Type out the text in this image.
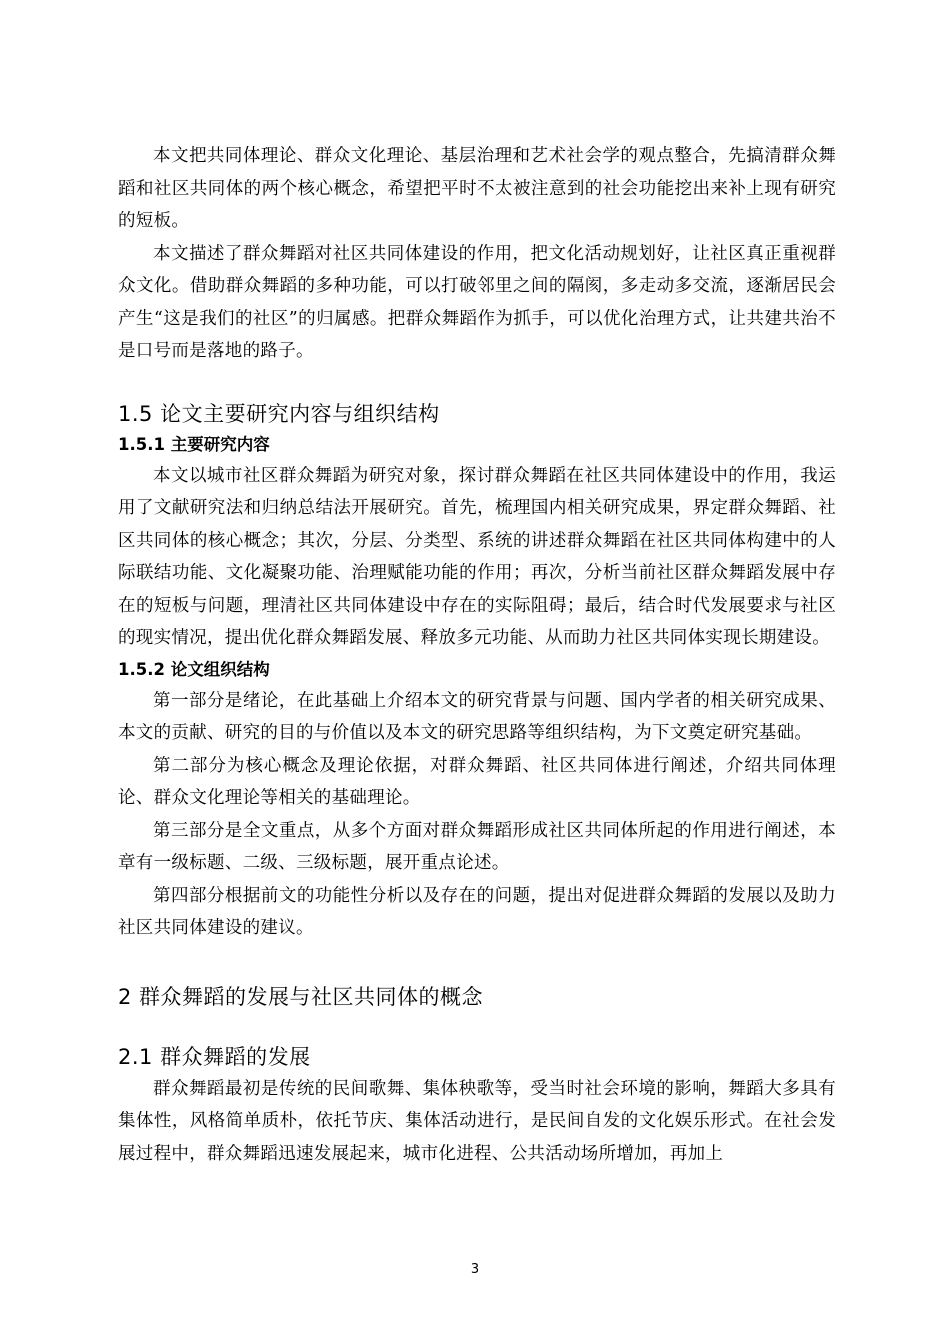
本文把共同体理论、群众文化理论、基层治理和艺术社会学的观点整合，先搞清群众舞蹈和社区共同体的两个核心概念，希望把平时不太被注意到的社会功能挖出来补上现有研究的短板。

本文描述了群众舞蹈对社区共同体建设的作用，把文化活动规划好，让社区真正重视群众文化。借助群众舞蹈的多种功能，可以打破邻里之间的隔阂，多走动多交流，逐渐居民会产生“这是我们的社区”的归属感。把群众舞蹈作为抓手，可以优化治理方式，让共建共治不是口号而是落地的路子。

1.5 论文主要研究内容与组织结构
1.5.1 主要研究内容

本文以城市社区群众舞蹈为研究对象，探讨群众舞蹈在社区共同体建设中的作用，我运用了文献研究法和归纳总结法开展研究。首先，梳理国内相关研究成果，界定群众舞蹈、社区共同体的核心概念；其次，分层、分类型、系统的讲述群众舞蹈在社区共同体构建中的人际联结功能、文化凝聚功能、治理赋能功能的作用；再次，分析当前社区群众舞蹈发展中存在的短板与问题，理清社区共同体建设中存在的实际阻碍；最后，结合时代发展要求与社区的现实情况，提出优化群众舞蹈发展、释放多元功能、从而助力社区共同体实现长期建设。

1.5.2 论文组织结构

第一部分是绪论，在此基础上介绍本文的研究背景与问题、国内学者的相关研究成果、本文的贡献、研究的目的与价值以及本文的研究思路等组织结构，为下文奠定研究基础。

第二部分为核心概念及理论依据，对群众舞蹈、社区共同体进行阐述，介绍共同体理论、群众文化理论等相关的基础理论。

第三部分是全文重点，从多个方面对群众舞蹈形成社区共同体所起的作用进行阐述，本章有一级标题、二级、三级标题，展开重点论述。

第四部分根据前文的功能性分析以及存在的问题，提出对促进群众舞蹈的发展以及助力社区共同体建设的建议。

2 群众舞蹈的发展与社区共同体的概念
2.1 群众舞蹈的发展

群众舞蹈最初是传统的民间歌舞、集体秧歌等，受当时社会环境的影响，舞蹈大多具有集体性，风格简单质朴，依托节庆、集体活动进行，是民间自发的文化娱乐形式。在社会发展过程中，群众舞蹈迅速发展起来，城市化进程、公共活动场所增加，再加上

3
